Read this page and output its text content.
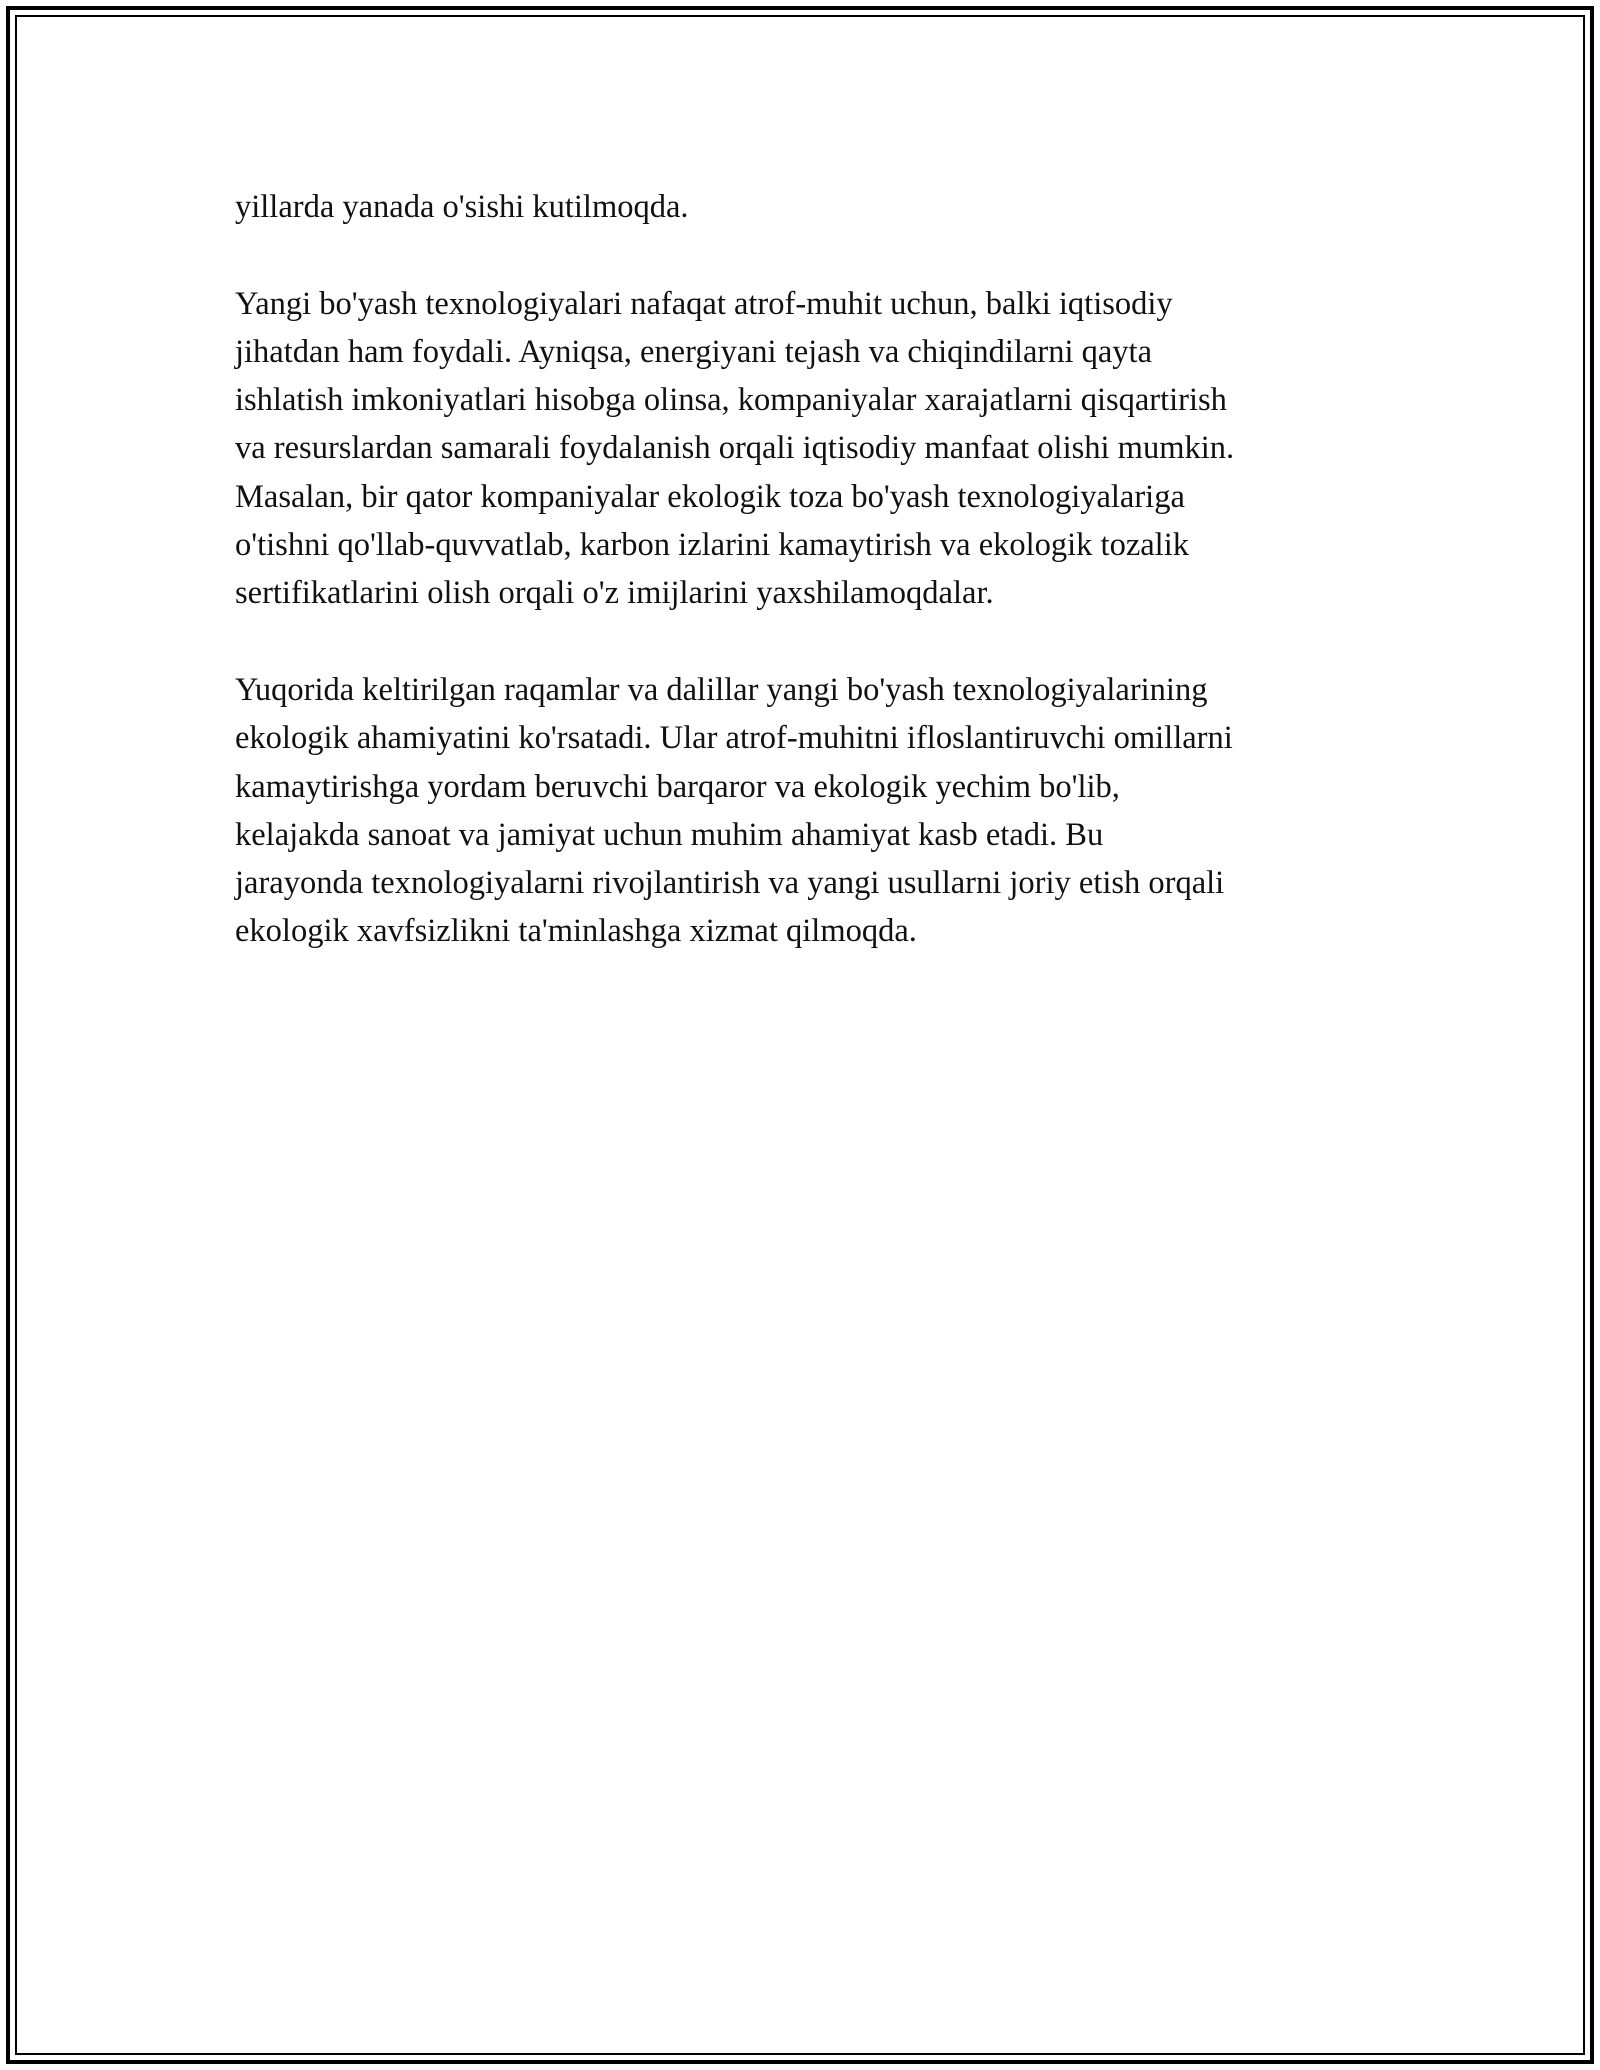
yillarda yanada o'sishi kutilmoqda.

Yangi bo'yash texnologiyalari nafaqat atrof-muhit uchun, balki iqtisodiy
jihatdan ham foydali. Ayniqsa, energiyani tejash va chiqindilarni qayta
ishlatish imkoniyatlari hisobga olinsa, kompaniyalar xarajatlarni qisqartirish
va resurslardan samarali foydalanish orqali iqtisodiy manfaat olishi mumkin.
Masalan, bir qator kompaniyalar ekologik toza bo'yash texnologiyalariga
o'tishni qo'llab-quvvatlab, karbon izlarini kamaytirish va ekologik tozalik
sertifikatlarini olish orqali o'z imijlarini yaxshilamoqdalar.

Yuqorida keltirilgan raqamlar va dalillar yangi bo'yash texnologiyalarining
ekologik ahamiyatini ko'rsatadi. Ular atrof-muhitni ifloslantiruvchi omillarni
kamaytirishga yordam beruvchi barqaror va ekologik yechim bo'lib,
kelajakda sanoat va jamiyat uchun muhim ahamiyat kasb etadi. Bu
jarayonda texnologiyalarni rivojlantirish va yangi usullarni joriy etish orqali
ekologik xavfsizlikni ta'minlashga xizmat qilmoqda.
